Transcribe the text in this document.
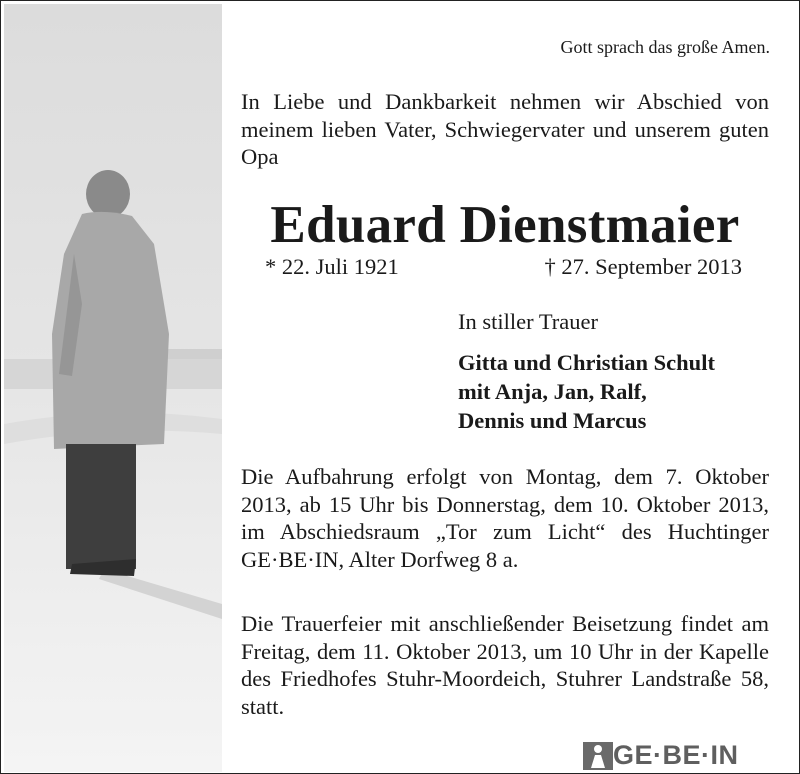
Gott sprach das große Amen.
In Liebe und Dankbarkeit nehmen wir Abschied von meinem lieben Vater, Schwiegervater und unserem guten Opa
Eduard Dienstmaier
* 22. Juli 1921	† 27. September 2013
In stiller Trauer
Gitta und Christian Schult
mit Anja, Jan, Ralf,
Dennis und Marcus
Die Aufbahrung erfolgt von Montag, dem 7. Oktober 2013, ab 15 Uhr bis Donnerstag, dem 10. Oktober 2013, im Abschiedsraum „Tor zum Licht“ des Huchtinger GE·BE·IN, Alter Dorfweg 8 a.
Die Trauerfeier mit anschließender Beisetzung findet am Freitag, dem 11. Oktober 2013, um 10 Uhr in der Kapelle des Friedhofes Stuhr-Moordeich, Stuhrer Landstraße 58, statt.
GE·BE·IN
